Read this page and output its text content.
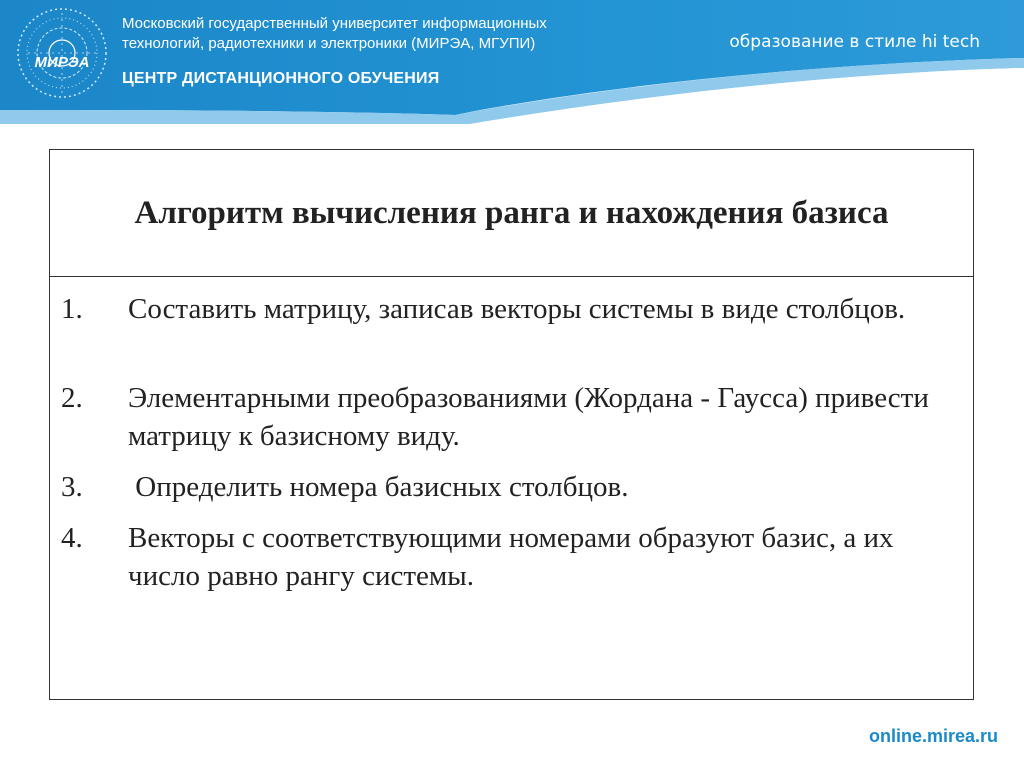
МИРЭА
Московский государственный университет информационных
технологий, радиотехники и электроники (МИРЭА, МГУПИ)
ЦЕНТР ДИСТАНЦИОННОГО ОБУЧЕНИЯ
образование в стиле hi tech
Алгоритм вычисления ранга и нахождения базиса
1. Составить матрицу, записав векторы системы в виде столбцов.
2. Элементарными преобразованиями (Жордана - Гаусса) привести матрицу к базисному виду.
3. Определить номера базисных столбцов.
4. Векторы с соответствующими номерами образуют базис, а их число равно рангу системы.
online.mirea.ru
